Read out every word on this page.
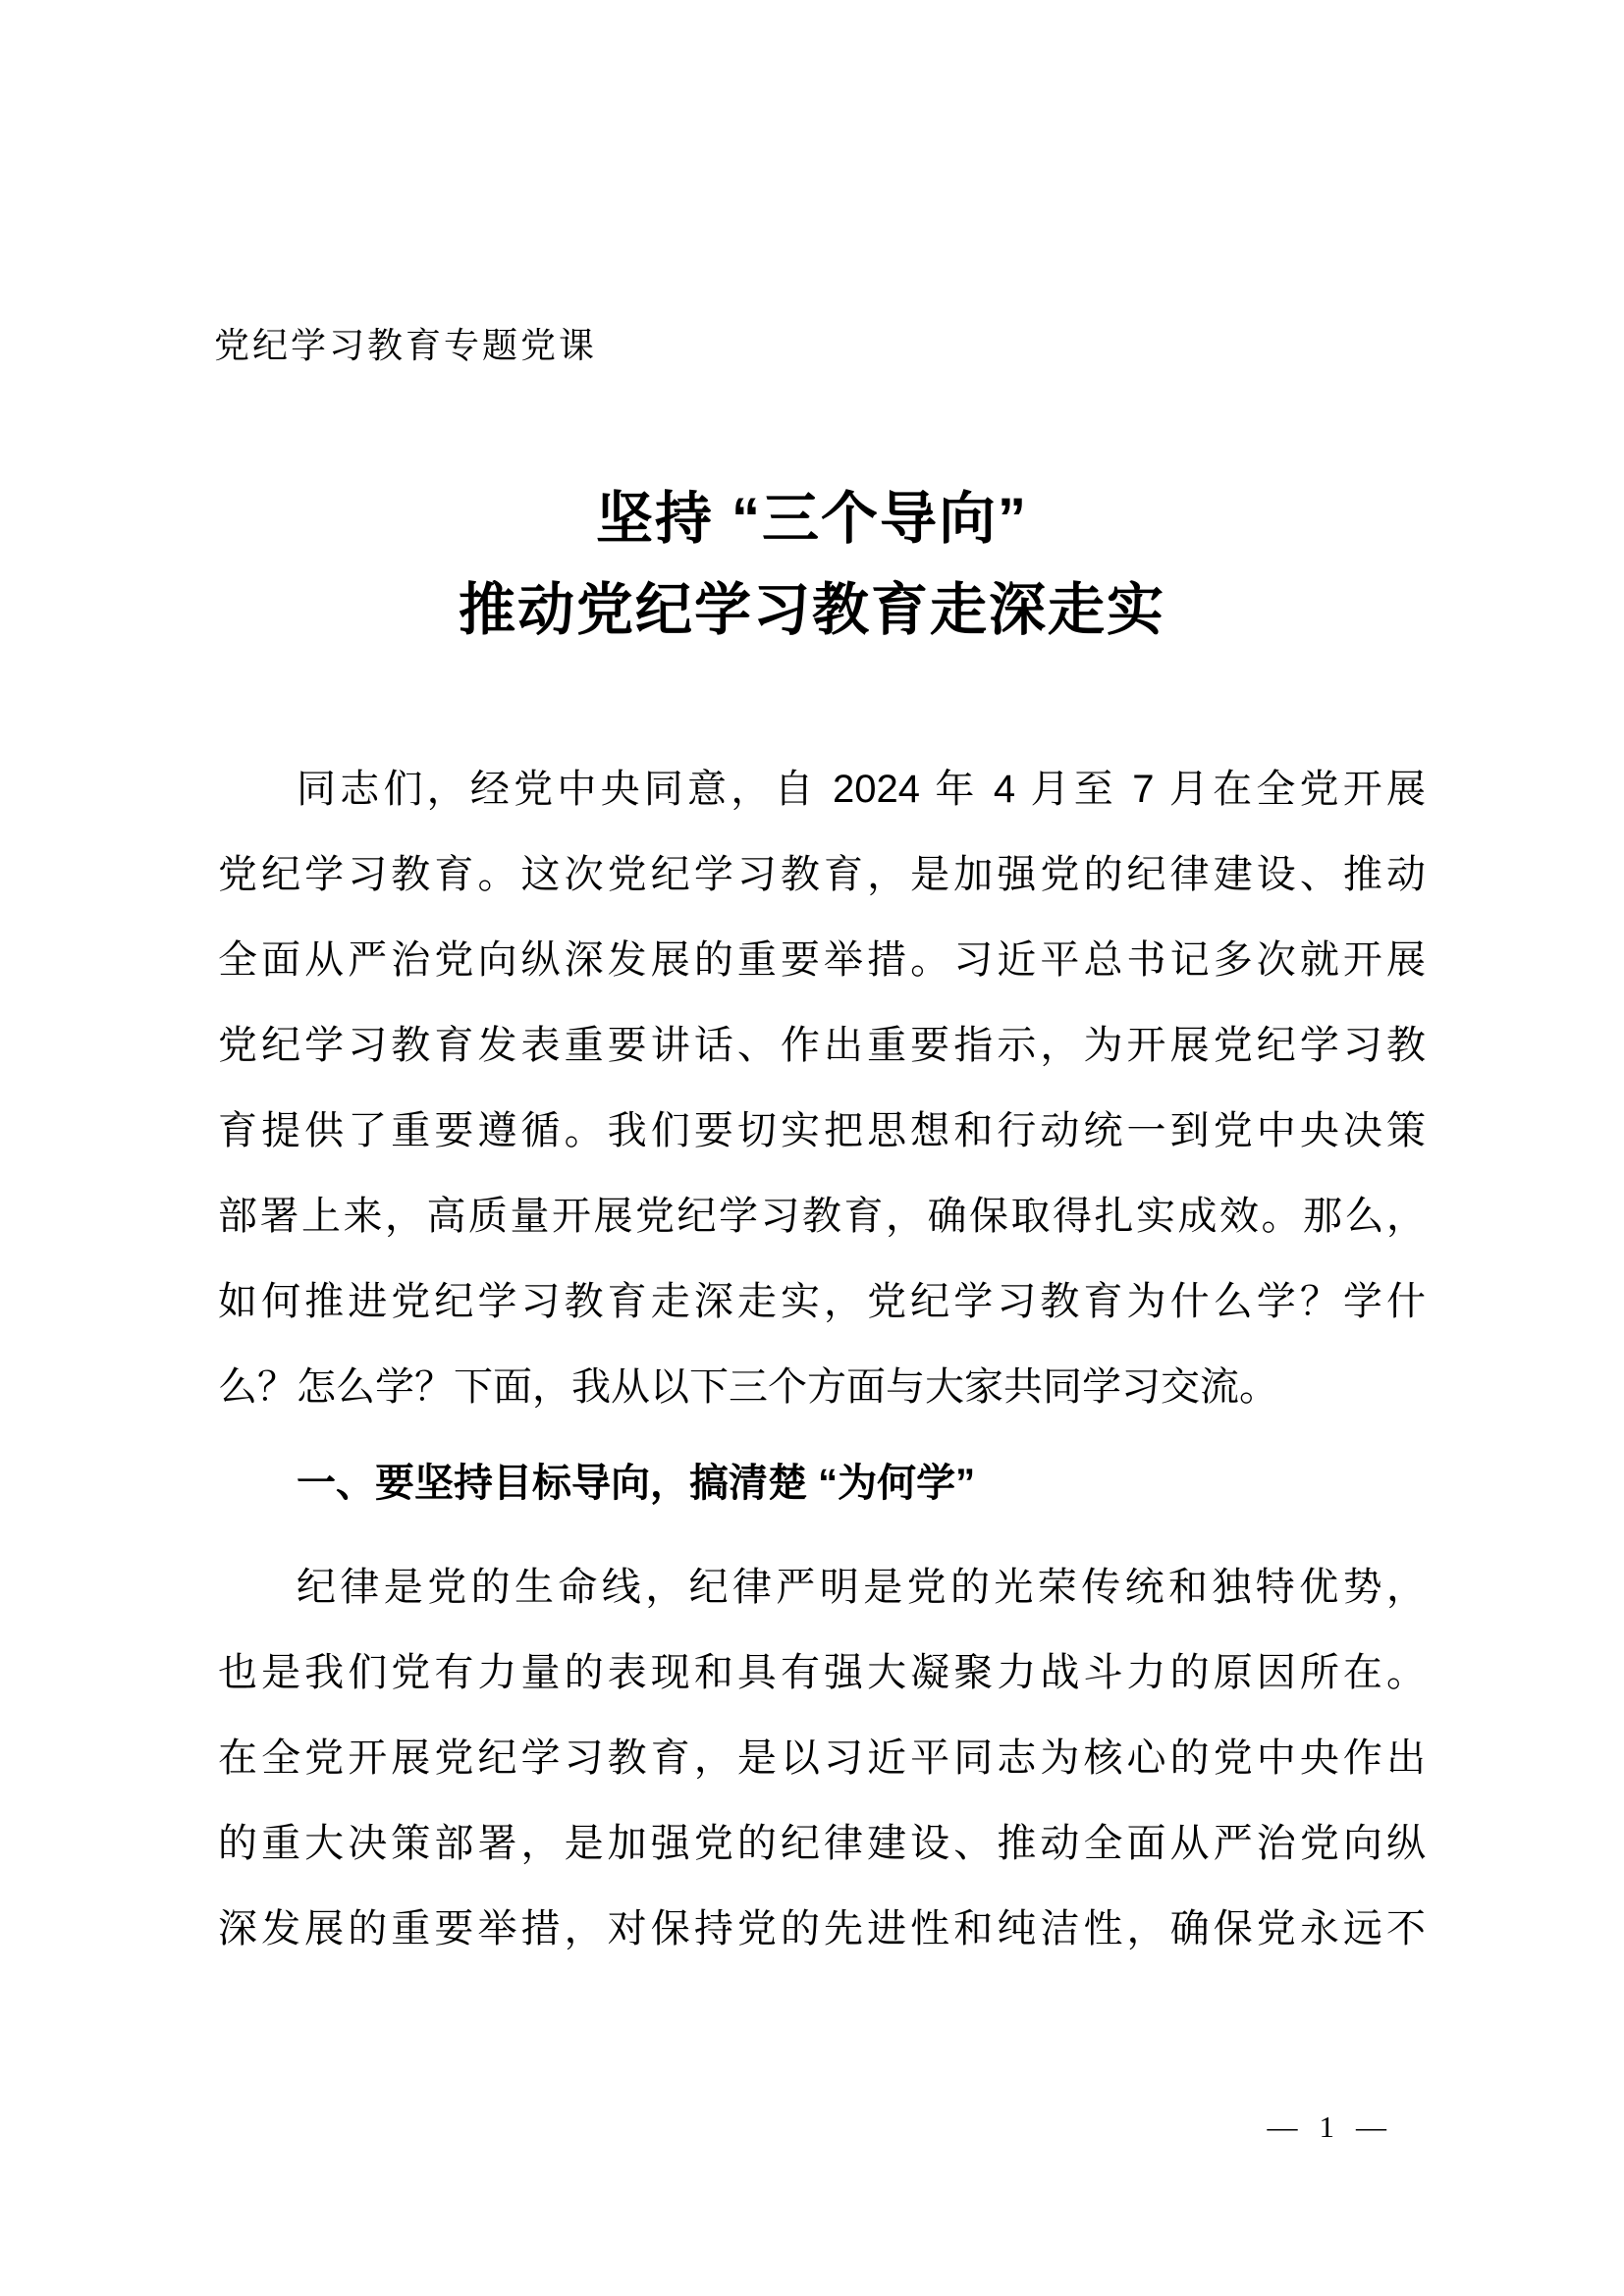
党纪学习教育专题党课
坚持 “三个导向”
推动党纪学习教育走深走实
同志们，经党中央同意，自 2024 年 4 月至 7 月在全党开展
党纪学习教育。这次党纪学习教育，是加强党的纪律建设、推动
全面从严治党向纵深发展的重要举措。习近平总书记多次就开展
党纪学习教育发表重要讲话、作出重要指示，为开展党纪学习教
育提供了重要遵循。我们要切实把思想和行动统一到党中央决策
部署上来，高质量开展党纪学习教育，确保取得扎实成效。那么，
如何推进党纪学习教育走深走实，党纪学习教育为什么学？学什
么？怎么学？下面，我从以下三个方面与大家共同学习交流。
一、要坚持目标导向，搞清楚 “为何学”
纪律是党的生命线，纪律严明是党的光荣传统和独特优势，
也是我们党有力量的表现和具有强大凝聚力战斗力的原因所在。
在全党开展党纪学习教育，是以习近平同志为核心的党中央作出
的重大决策部署，是加强党的纪律建设、推动全面从严治党向纵
深发展的重要举措，对保持党的先进性和纯洁性，确保党永远不
— 1 —
